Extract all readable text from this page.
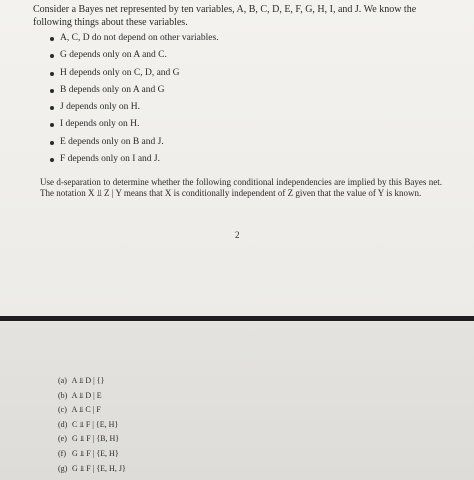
Consider a Bayes net represented by ten variables, A, B, C, D, E, F, G, H, I, and J. We know the following things about these variables.
A, C, D do not depend on other variables.
G depends only on A and C.
H depends only on C, D, and G
B depends only on A and G
J depends only on H.
I depends only on H.
E depends only on B and J.
F depends only on I and J.
Use d-separation to determine whether the following conditional independencies are implied by this Bayes net. The notation X ⫫ Z | Y means that X is conditionally independent of Z given that the value of Y is known.
2
(a) A ⫫ D | {}
(b) A ⫫ D | E
(c) A ⫫ C | F
(d) C ⫫ F | {E, H}
(e) G ⫫ F | {B, H}
(f) G ⫫ F | {E, H}
(g) G ⫫ F | {E, H, J}
